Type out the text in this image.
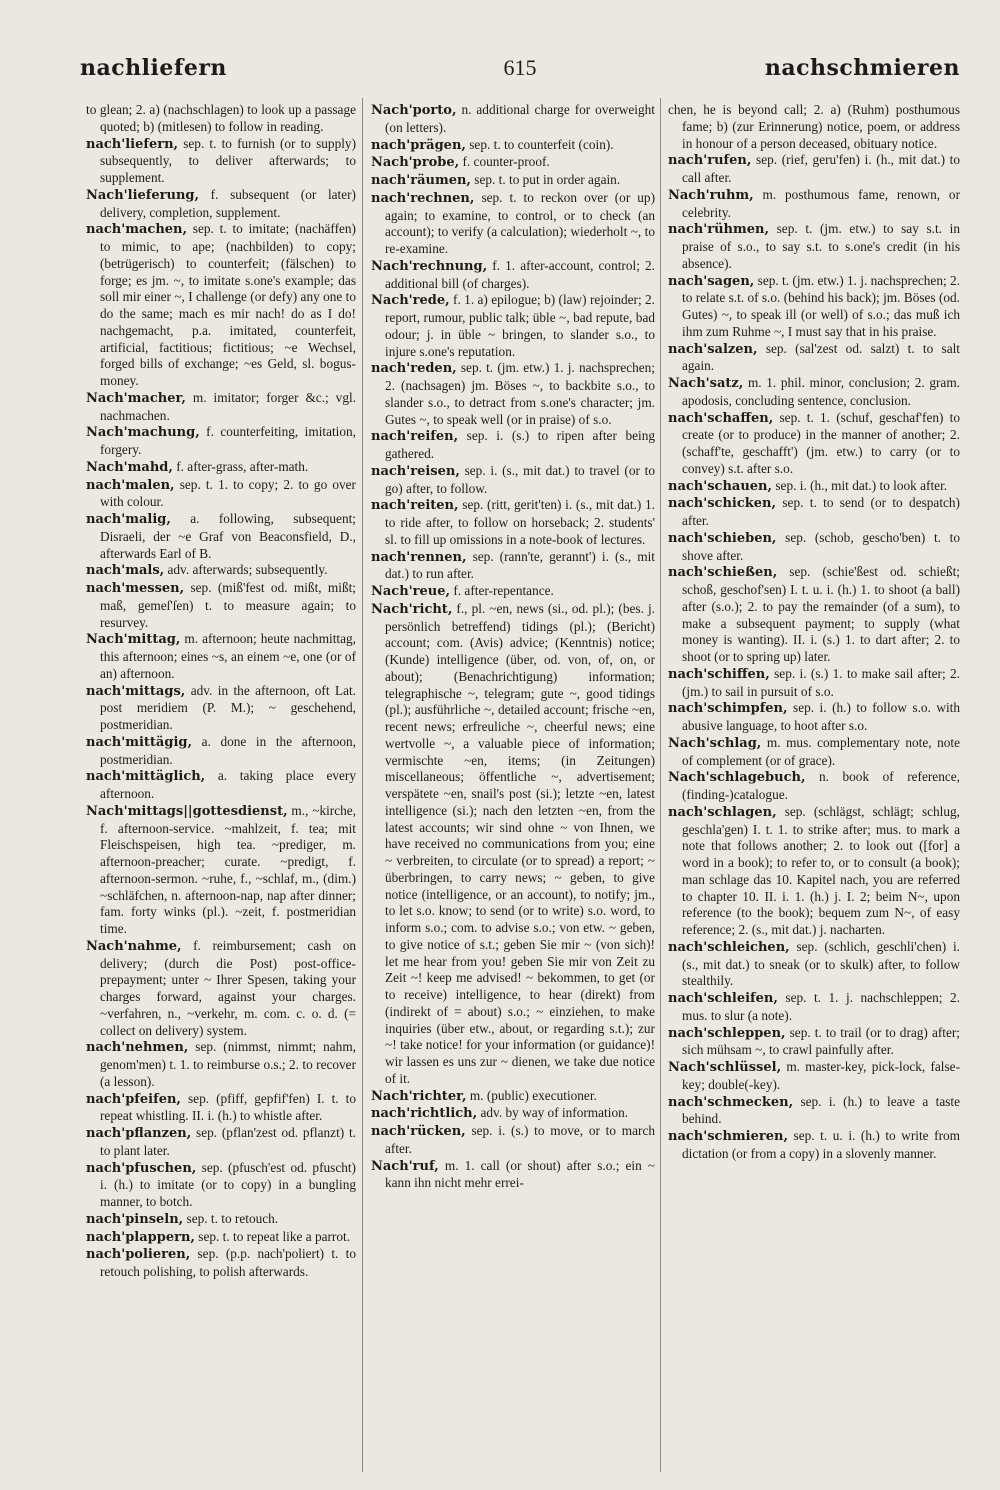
nachliefern	615	nachschmieren
to glean; 2. a) (nachschlagen) to look up a passage quoted; b) (mitlesen) to follow in reading.
nach'liefern, sep. t. to furnish (or to supply) subsequently, to deliver afterwards; to supplement.
Nach'lieferung, f. subsequent (or later) delivery, completion, supplement.
nach'machen, sep. t. to imitate; (nachäffen) to mimic, to ape; (nachbilden) to copy; (betrügerisch) to counterfeit; (fälschen) to forge; es jm. ~, to imitate s.one's example; das soll mir einer ~, I challenge (or defy) any one to do the same; mach es mir nach! do as I do! nachgemacht, p.a. imitated, counterfeit, artificial, factitious; fictitious; ~e Wechsel, forged bills of exchange; ~es Geld, sl. bogus-money.
Nach'macher, m. imitator; forger &c.; vgl. nachmachen.
Nach'machung, f. counterfeiting, imitation, forgery.
Nach'mahd, f. after-grass, after-math.
nach'malen, sep. t. 1. to copy; 2. to go over with colour.
nach'malig, a. following, subsequent; Disraeli, der ~e Graf von Beaconsfield, D., afterwards Earl of B.
nach'mals, adv. afterwards; subsequently.
nach'messen, sep. (miß'fest od. mißt, mißt; maß, gemeſ'ſen) t. to measure again; to resurvey.
Nach'mittag, m. afternoon; heute nachmittag, this afternoon; eines ~s, an einem ~e, one (or of an) afternoon.
nach'mittags, adv. in the afternoon, oft Lat. post meridiem (P. M.); ~ geschehend, postmeridian.
nach'mittägig, a. done in the afternoon, postmeridian.
nach'mittäglich, a. taking place every afternoon.
Nach'mittags||gottesdienst, m., ~kirche, f. afternoon-service. ~mahlzeit, f. tea; mit Fleischspeisen, high tea. ~prediger, m. afternoon-preacher; curate. ~predigt, f. afternoon-sermon. ~ruhe, f., ~schlaf, m., (dim.) ~schläfchen, n. afternoon-nap, nap after dinner; fam. forty winks (pl.). ~zeit, f. postmeridian time.
Nach'nahme, f. reimbursement; cash on delivery; (durch die Post) post-office-prepayment; unter ~ Ihrer Spesen, taking your charges forward, against your charges. ~verfahren, n., ~verkehr, m. com. c. o. d. (= collect on delivery) system.
nach'nehmen, sep. (nimmst, nimmt; nahm, genom'men) t. 1. to reimburse o.s.; 2. to recover (a lesson).
nach'pfeifen, sep. (pfiff, gepfif'fen) I. t. to repeat whistling. II. i. (h.) to whistle after.
nach'pflanzen, sep. (pflan'zest od. pflanzt) t. to plant later.
nach'pfuschen, sep. (pfusch'est od. pfuscht) i. (h.) to imitate (or to copy) in a bungling manner, to botch.
nach'pinseln, sep. t. to retouch.
nach'plappern, sep. t. to repeat like a parrot.
nach'polieren, sep. (p.p. nach'poliert) t. to retouch polishing, to polish afterwards.
Nach'porto, n. additional charge for overweight (on letters).
nach'prägen, sep. t. to counterfeit (coin).
Nach'probe, f. counter-proof.
nach'räumen, sep. t. to put in order again.
nach'rechnen, sep. t. to reckon over (or up) again; to examine, to control, or to check (an account); to verify (a calculation); wiederholt ~, to re-examine.
Nach'rechnung, f. 1. after-account, control; 2. additional bill (of charges).
Nach'rede, f. 1. a) epilogue; b) (law) rejoinder; 2. report, rumour, public talk; üble ~, bad repute, bad odour; j. in üble ~ bringen, to slander s.o., to injure s.one's reputation.
nach'reden, sep. t. (jm. etw.) 1. j. nachsprechen; 2. (nachsagen) jm. Böses ~, to backbite s.o., to slander s.o., to detract from s.one's character; jm. Gutes ~, to speak well (or in praise) of s.o.
nach'reifen, sep. i. (s.) to ripen after being gathered.
nach'reisen, sep. i. (s., mit dat.) to travel (or to go) after, to follow.
nach'reiten, sep. (ritt, gerit'ten) i. (s., mit dat.) 1. to ride after, to follow on horseback; 2. students' sl. to fill up omissions in a note-book of lectures.
nach'rennen, sep. (rann'te, gerannt') i. (s., mit dat.) to run after.
Nach'reue, f. after-repentance.
Nach'richt, f., pl. ~en, news (si., od. pl.); (bes. j. persönlich betreffend) tidings (pl.); (Bericht) account; com. (Avis) advice; (Kenntnis) notice; (Kunde) intelligence (über, od. von, of, on, or about); (Benachrichtigung) information; telegraphische ~, telegram; gute ~, good tidings (pl.); ausführliche ~, detailed account; frische ~en, recent news; erfreuliche ~, cheerful news; eine wertvolle ~, a valuable piece of information; vermischte ~en, items; (in Zeitungen) miscellaneous; öffentliche ~, advertisement; verspätete ~en, snail's post (si.); letzte ~en, latest intelligence (si.); nach den letzten ~en, from the latest accounts; wir sind ohne ~ von Ihnen, we have received no communications from you; eine ~ verbreiten, to circulate (or to spread) a report; ~ überbringen, to carry news; ~ geben, to give notice (intelligence, or an account), to notify; jm., to let s.o. know; to send (or to write) s.o. word, to inform s.o.; com. to advise s.o.; von etw. ~ geben, to give notice of s.t.; geben Sie mir ~ (von sich)! let me hear from you! geben Sie mir von Zeit zu Zeit ~! keep me advised! ~ bekommen, to get (or to receive) intelligence, to hear (direkt) from (indirekt of = about) s.o.; ~ einziehen, to make inquiries (über etw., about, or regarding s.t.); zur ~! take notice! for your information (or guidance)! wir lassen es uns zur ~ dienen, we take due notice of it.
Nach'richter, m. (public) executioner.
nach'richtlich, adv. by way of information.
nach'rücken, sep. i. (s.) to move, or to march after.
Nach'ruf, m. 1. call (or shout) after s.o.; ein ~ kann ihn nicht mehr errei-
chen, he is beyond call; 2. a) (Ruhm) posthumous fame; b) (zur Erinnerung) notice, poem, or address in honour of a person deceased, obituary notice.
nach'rufen, sep. (rief, geru'fen) i. (h., mit dat.) to call after.
Nach'ruhm, m. posthumous fame, renown, or celebrity.
nach'rühmen, sep. t. (jm. etw.) to say s.t. in praise of s.o., to say s.t. to s.one's credit (in his absence).
nach'sagen, sep. t. (jm. etw.) 1. j. nachsprechen; 2. to relate s.t. of s.o. (behind his back); jm. Böses (od. Gutes) ~, to speak ill (or well) of s.o.; das muß ich ihm zum Ruhme ~, I must say that in his praise.
nach'salzen, sep. (sal'zest od. salzt) t. to salt again.
Nach'satz, m. 1. phil. minor, conclusion; 2. gram. apodosis, concluding sentence, conclusion.
nach'schaffen, sep. t. 1. (schuf, geschaf'fen) to create (or to produce) in the manner of another; 2. (schaff'te, geschafft') (jm. etw.) to carry (or to convey) s.t. after s.o.
nach'schauen, sep. i. (h., mit dat.) to look after.
nach'schicken, sep. t. to send (or to despatch) after.
nach'schieben, sep. (schob, gescho'ben) t. to shove after.
nach'schießen, sep. (schie'ßest od. schießt; schoß, geschof'sen) I. t. u. i. (h.) 1. to shoot (a ball) after (s.o.); 2. to pay the remainder (of a sum), to make a subsequent payment; to supply (what money is wanting). II. i. (s.) 1. to dart after; 2. to shoot (or to spring up) later.
nach'schiffen, sep. i. (s.) 1. to make sail after; 2. (jm.) to sail in pursuit of s.o.
nach'schimpfen, sep. i. (h.) to follow s.o. with abusive language, to hoot after s.o.
Nach'schlag, m. mus. complementary note, note of complement (or of grace).
Nach'schlagebuch, n. book of reference, (finding-)catalogue.
nach'schlagen, sep. (schlägst, schlägt; schlug, geschla'gen) I. t. 1. to strike after; mus. to mark a note that follows another; 2. to look out ([for] a word in a book); to refer to, or to consult (a book); man schlage das 10. Kapitel nach, you are referred to chapter 10. II. i. 1. (h.) j. I. 2; beim N~, upon reference (to the book); bequem zum N~, of easy reference; 2. (s., mit dat.) j. nacharten.
nach'schleichen, sep. (schlich, geschli'chen) i. (s., mit dat.) to sneak (or to skulk) after, to follow stealthily.
nach'schleifen, sep. t. 1. j. nachschleppen; 2. mus. to slur (a note).
nach'schleppen, sep. t. to trail (or to drag) after; sich mühsam ~, to crawl painfully after.
Nach'schlüssel, m. master-key, pick-lock, false-key; double(-key).
nach'schmecken, sep. i. (h.) to leave a taste behind.
nach'schmieren, sep. t. u. i. (h.) to write from dictation (or from a copy) in a slovenly manner.
